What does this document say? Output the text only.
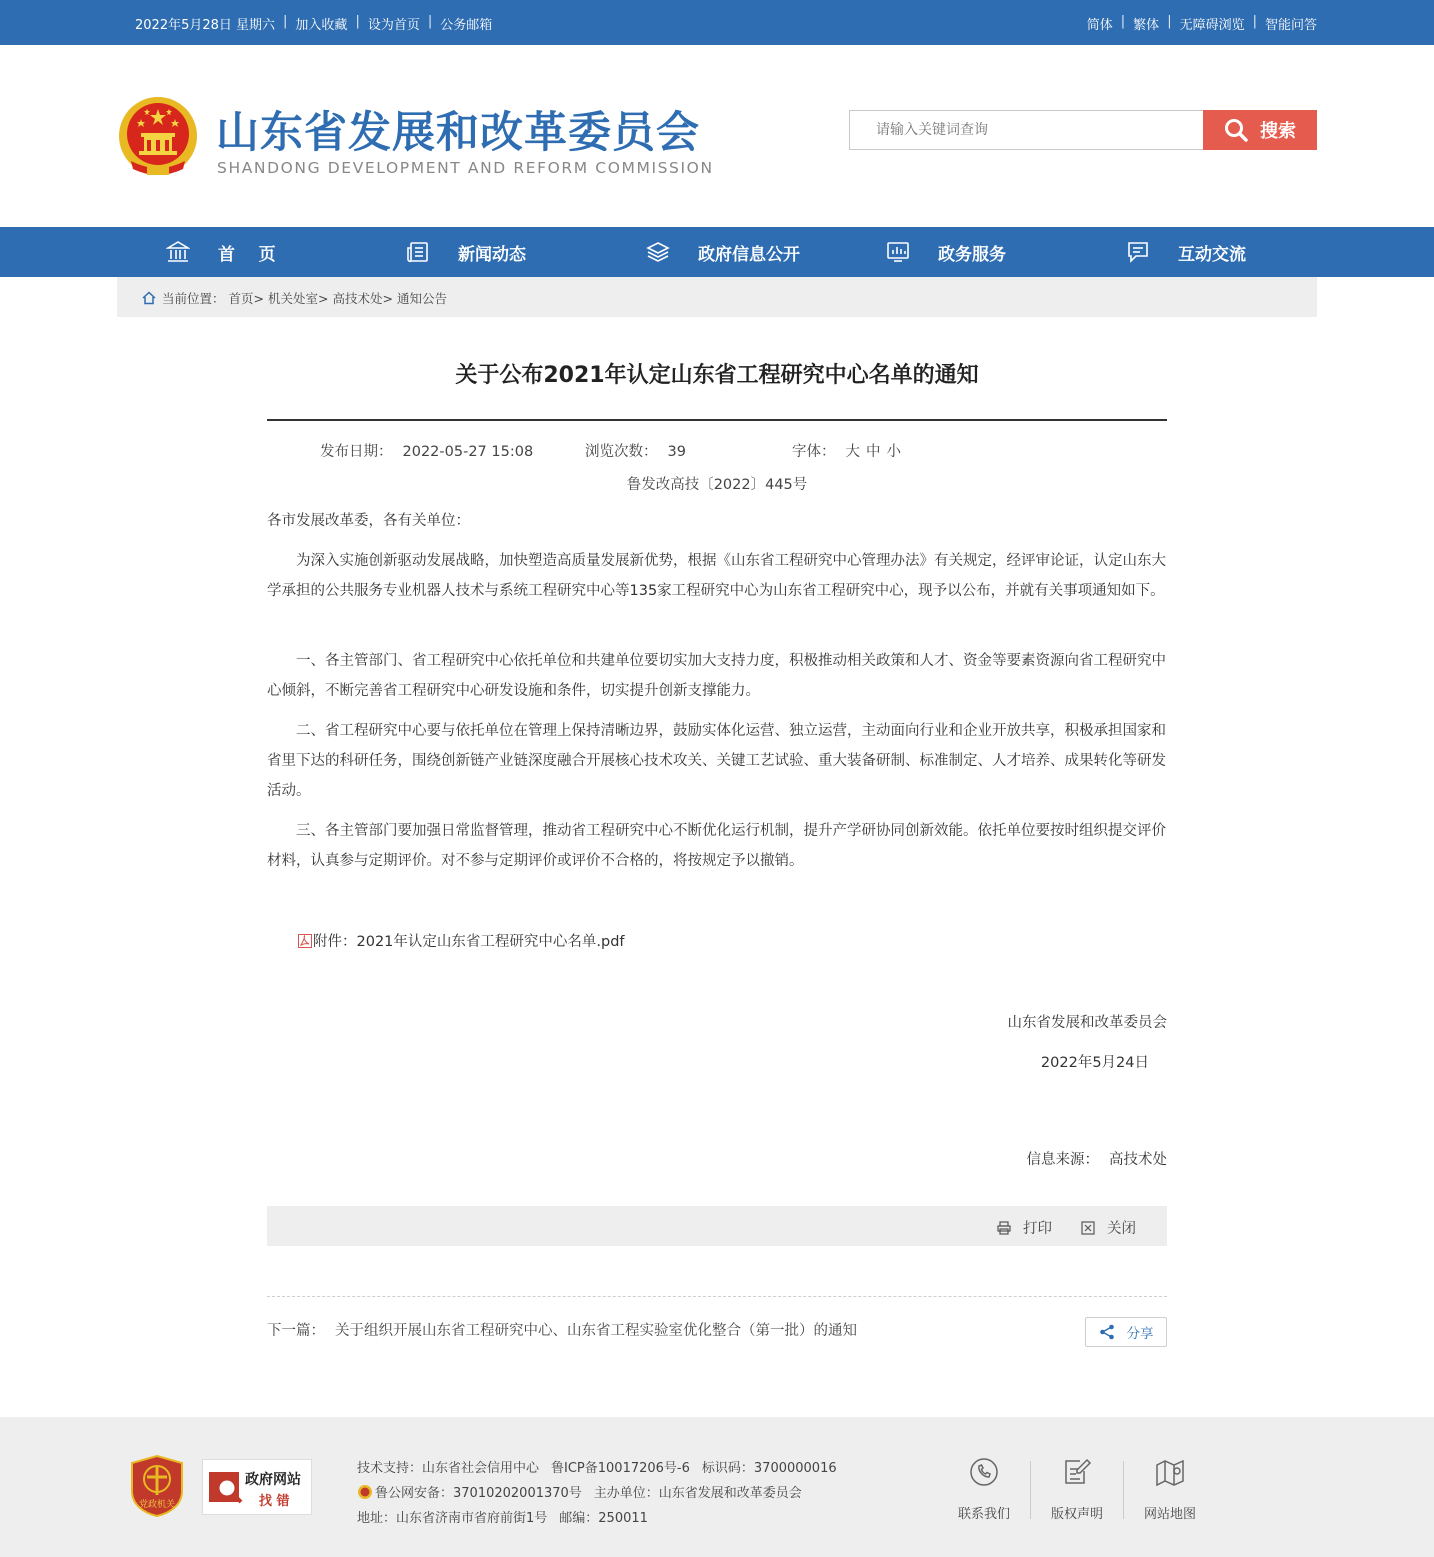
2022年5月28日 星期六 | 加入收藏 | 设为首页 | 公务邮箱	简体 | 繁体 | 无障碍浏览 | 智能问答
山东省发展和改革委员会
SHANDONG DEVELOPMENT AND REFORM COMMISSION
请输入关键词查询
搜索
首    页	新闻动态	政府信息公开	政务服务	互动交流
当前位置： 首页 > 机关处室 > 高技术处 > 通知公告
关于公布2021年认定山东省工程研究中心名单的通知
发布日期： 2022-05-27 15:08	浏览次数： 39	字体： 大 中 小
鲁发改高技〔2022〕445号
各市发展改革委，各有关单位：

为深入实施创新驱动发展战略，加快塑造高质量发展新优势，根据《山东省工程研究中心管理办法》有关规定，经评审论证，认定山东大学承担的公共服务专业机器人技术与系统工程研究中心等135家工程研究中心为山东省工程研究中心，现予以公布，并就有关事项通知如下。

一、各主管部门、省工程研究中心依托单位和共建单位要切实加大支持力度，积极推动相关政策和人才、资金等要素资源向省工程研究中心倾斜，不断完善省工程研究中心研发设施和条件，切实提升创新支撑能力。

二、省工程研究中心要与依托单位在管理上保持清晰边界，鼓励实体化运营、独立运营，主动面向行业和企业开放共享，积极承担国家和省里下达的科研任务，围绕创新链产业链深度融合开展核心技术攻关、关键工艺试验、重大装备研制、标准制定、人才培养、成果转化等研发活动。

三、各主管部门要加强日常监督管理，推动省工程研究中心不断优化运行机制，提升产学研协同创新效能。依托单位要按时组织提交评价材料，认真参与定期评价。对不参与定期评价或评价不合格的，将按规定予以撤销。

附件：2021年认定山东省工程研究中心名单.pdf
山东省发展和改革委员会
2022年5月24日
信息来源： 高技术处
打印	关闭
下一篇： 关于组织开展山东省工程研究中心、山东省工程实验室优化整合（第一批）的通知	分享
党政机关
政府网站
找 错
技术支持：山东省社会信用中心 鲁ICP备10017206号-6 标识码：3700000016
鲁公网安备：37010202001370号 主办单位：山东省发展和改革委员会
地址：山东省济南市省府前街1号 邮编：250011	联系我们	版权声明	网站地图
